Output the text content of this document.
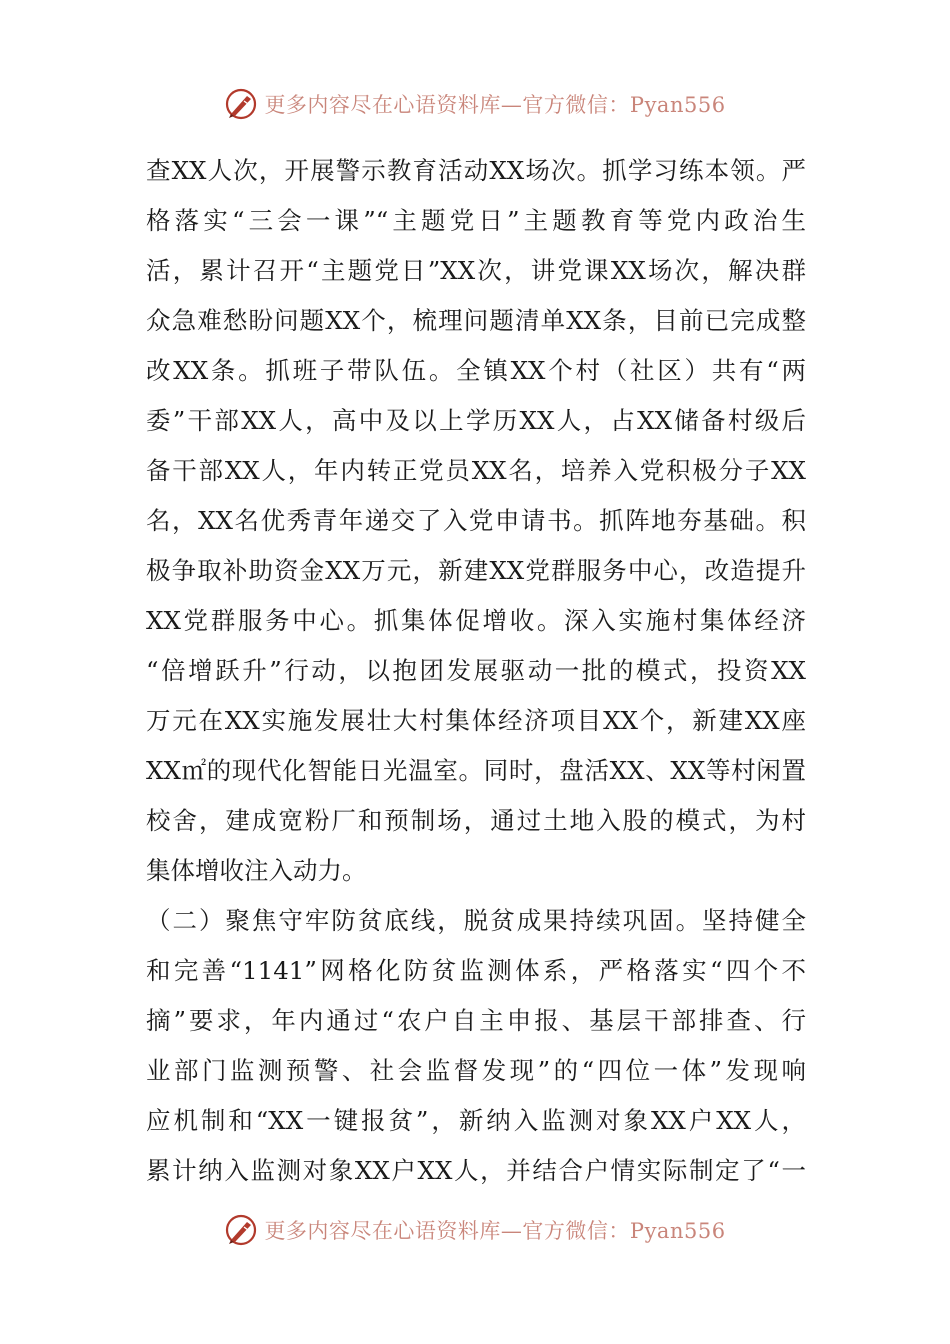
更多内容尽在心语资料库—官方微信：Pyan556
查XX人次，开展警示教育活动XX场次。抓学习练本领。严
格落实“三会一课”“主题党日”主题教育等党内政治生
活，累计召开“主题党日”XX次，讲党课XX场次，解决群
众急难愁盼问题XX个，梳理问题清单XX条，目前已完成整
改XX条。抓班子带队伍。全镇XX个村（社区）共有“两
委”干部XX人，高中及以上学历XX人，占XX储备村级后
备干部XX人，年内转正党员XX名，培养入党积极分子XX
名，XX名优秀青年递交了入党申请书。抓阵地夯基础。积
极争取补助资金XX万元，新建XX党群服务中心，改造提升
XX党群服务中心。抓集体促增收。深入实施村集体经济
“倍增跃升”行动，以抱团发展驱动一批的模式，投资XX
万元在XX实施发展壮大村集体经济项目XX个，新建XX座
XX㎡的现代化智能日光温室。同时，盘活XX、XX等村闲置
校舍，建成宽粉厂和预制场，通过土地入股的模式，为村
集体增收注入动力。
（二）聚焦守牢防贫底线，脱贫成果持续巩固。坚持健全
和完善“1141”网格化防贫监测体系，严格落实“四个不
摘”要求，年内通过“农户自主申报、基层干部排查、行
业部门监测预警、社会监督发现”的“四位一体”发现响
应机制和“XX一键报贫”，新纳入监测对象XX户XX人，
累计纳入监测对象XX户XX人，并结合户情实际制定了“一
更多内容尽在心语资料库—官方微信：Pyan556
